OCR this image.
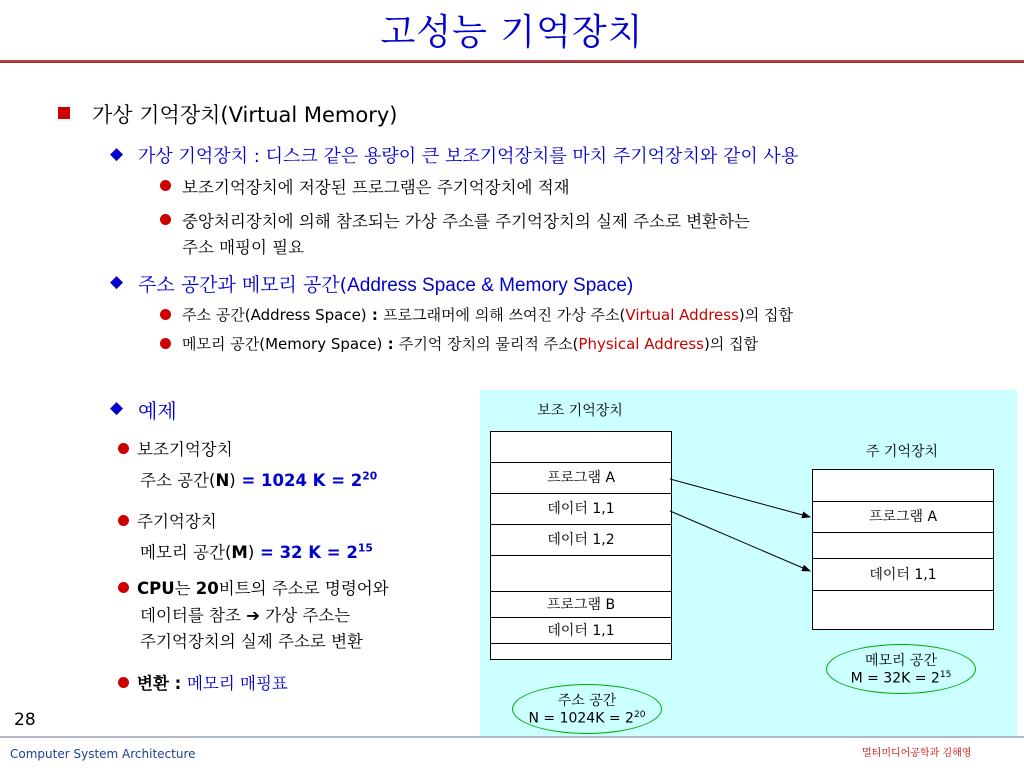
고성능 기억장치
가상 기억장치(Virtual Memory)
◆ 가상 기억장치 : 디스크 같은 용량이 큰 보조기억장치를 마치 주기억장치와 같이 사용
보조기억장치에 저장된 프로그램은 주기억장치에 적재
중앙처리장치에 의해 참조되는 가상 주소를 주기억장치의 실제 주소로 변환하는
주소 매핑이 필요
◆ 주소 공간과 메모리 공간(Address Space & Memory Space)
주소 공간(Address Space) : 프로그래머에 의해 쓰여진 가상 주소(Virtual Address)의 집합
메모리 공간(Memory Space) : 주기억 장치의 물리적 주소(Physical Address)의 집합
◆ 예제
보조기억장치
주소 공간(N) = 1024 $K = 2^{20}$
주기억장치
메모리 공간(M) = 32 $K = 2^{15}$
CPU는 20비트의 주소로 명령어와
데이터를 참조 ➔ 가상 주소는
주기억장치의 실제 주소로 변환
변환 : 메모리 매핑표
보조 기억장치
주 기억장치
프로그램 A
데이터 1,1
데이터 1,2
프로그램 B
데이터 1,1
프로그램 A
데이터 1,1
주소 공간
$N = 1024K = 2^{20}$
메모리 공간
$M = 32K = 2^{15}$
28
Computer System Architecture	멀티미디어공학과 김해영
